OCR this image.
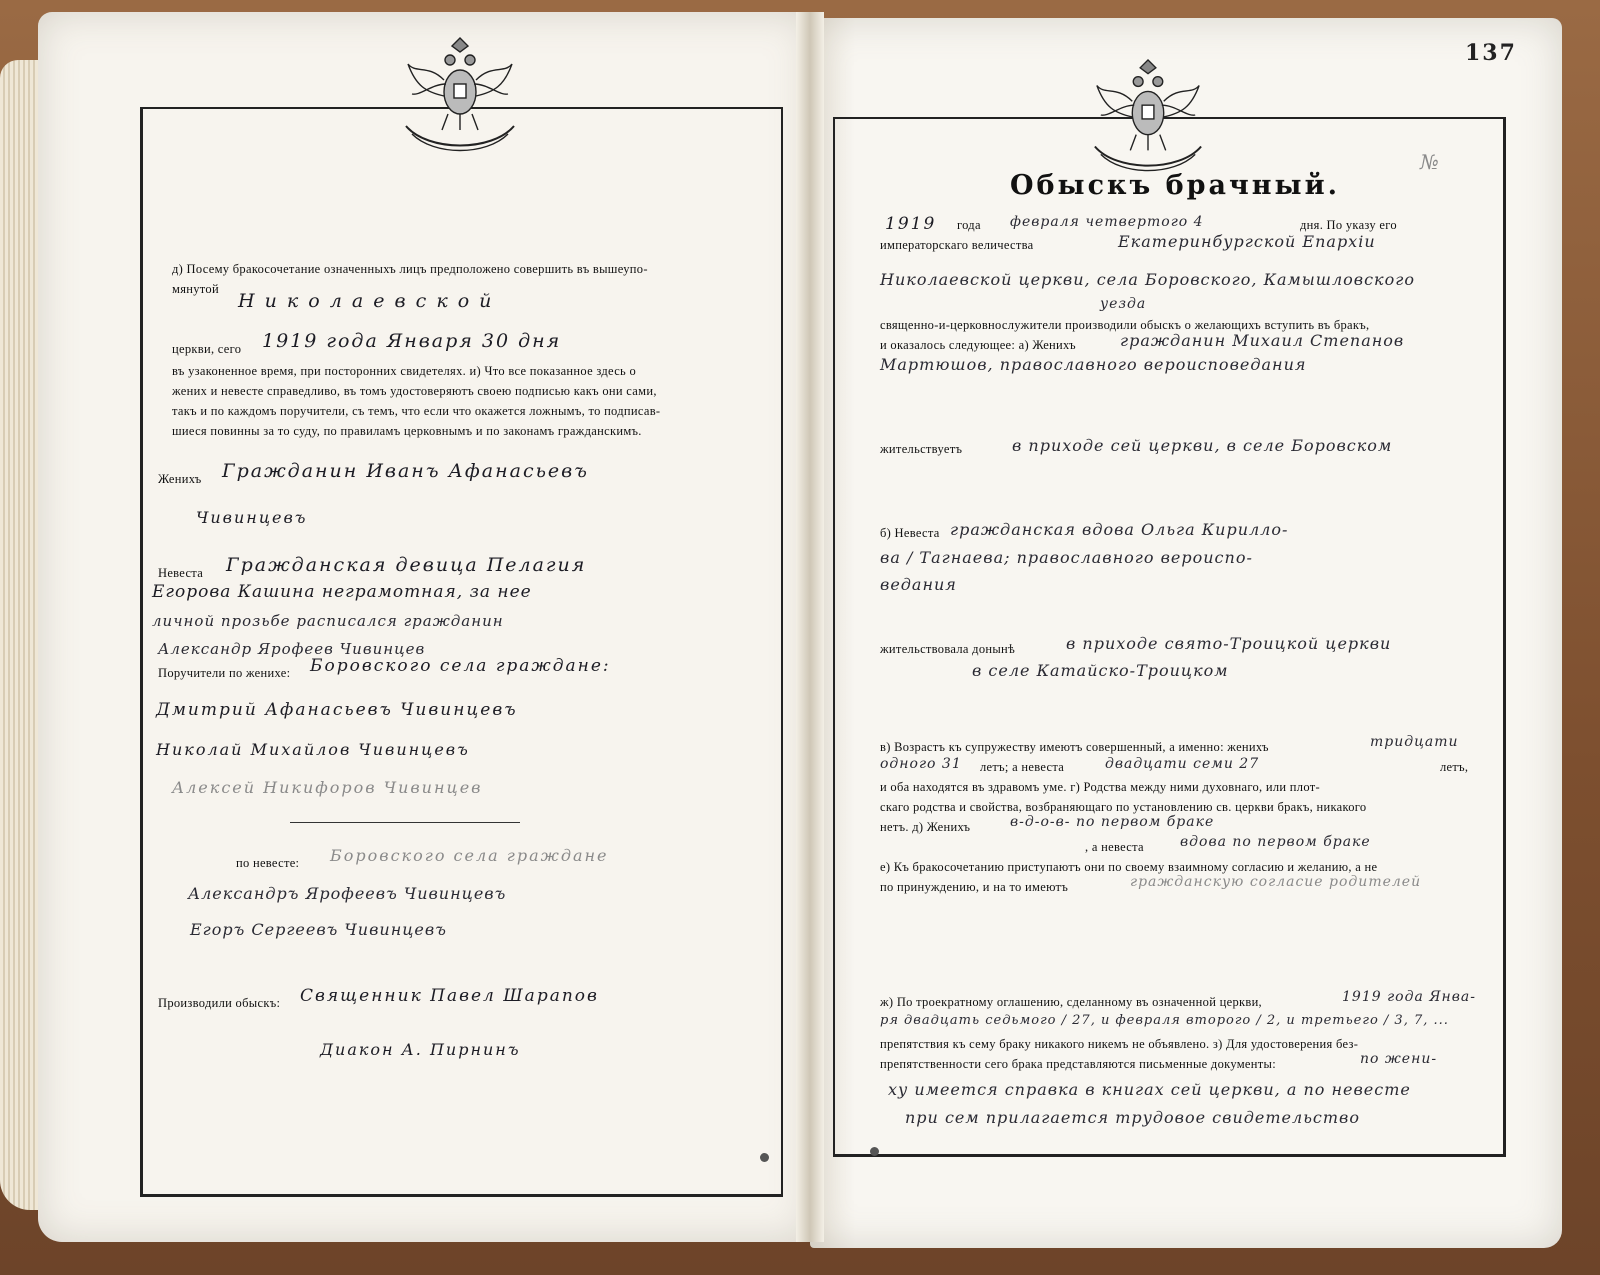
137
№
Обыскъ брачный.
1919 года февраля четвертого 4	дня. По указу его
императорскаго величества	Екатеринбургской Епархiи
Николаевской церкви, села Боровского, Камышловского
уезда
священно-и-церковнослужители производили обыскъ о желающихъ вступить въ бракъ,
и оказалось следующее: а) Женихъ	гражданин Михаил Степанов
Мартюшов, православного вероисповедания
жительствуетъ	в приходе сей церкви, в селе Боровском
б) Невеста гражданская вдова Ольга Кирилло-
ва / Тагнаева; православного вероиспо-
ведания
жительствовала донынѣ	в приходе свято-Троицкой церкви
в селе Катайско-Троицком
в) Возрастъ къ супружеству имеютъ совершенный, а именно: женихъ	тридцати
одного 31 летъ; а невеста	двадцати семи 27	летъ,
и оба находятся въ здравомъ уме. г) Родства между ними духовнаго, или плот-
скаго родства и свойства, возбраняющаго по установлению св. церкви бракъ, никакого
нетъ. д) Женихъ	в-д-о-в- по первом браке
, а невеста	вдова по первом браке
е) Къ бракосочетанию приступаютъ они по своему взаимному согласию и желанию, а не
по принуждению, и на то имеютъ	гражданскую согласие родителей
ж) По троекратному оглашению, сделанному въ означенной церкви,	1919 года Янва-
ря двадцать седьмого / 27, и февраля второго / 2, и третьего / 3, 7, ...
препятствия къ сему браку никакого никемъ не объявлено. з) Для удостоверения без-
препятственности сего брака представляются письменные документы:	по жени-
ху имеется справка в книгах сей церкви, а по невесте
при сем прилагается трудовое свидетельство
д) Посему бракосочетание означенныхъ лицъ предположено совершить въ вышеупо-
мянутой
Н и к о л а е в с к о й
церкви, сего 1919 года Января 30 дня
въ узаконенное время, при посторонних свидетелях. и) Что все показанное здесь о
жених и невесте справедливо, въ томъ удостоверяютъ своею подписью какъ они сами,
такъ и по каждомъ поручители, съ темъ, что если что окажется ложнымъ, то подписав-
шиеся повинны за то суду, по правиламъ церковнымъ и по законамъ гражданскимъ.
Женихъ Гражданин Иванъ Афанасьевъ
Чивинцевъ
Невеста Гражданская девица Пелагия
Егорова Кашина неграмотная, за нее
личной прозьбе расписался гражданин
Александр Ярофеев Чивинцев
Поручители по женихе: Боровского села граждане:
Дмитрий Афанасьевъ Чивинцевъ
Николай Михайлов Чивинцевъ
Алексей Никифоров Чивинцев
по невесте: Боровского села граждане
Александръ Ярофеевъ Чивинцевъ
Егоръ Сергеевъ Чивинцевъ
Производили обыскъ: Священник Павел Шарапов
Диакон А. Пирнинъ
